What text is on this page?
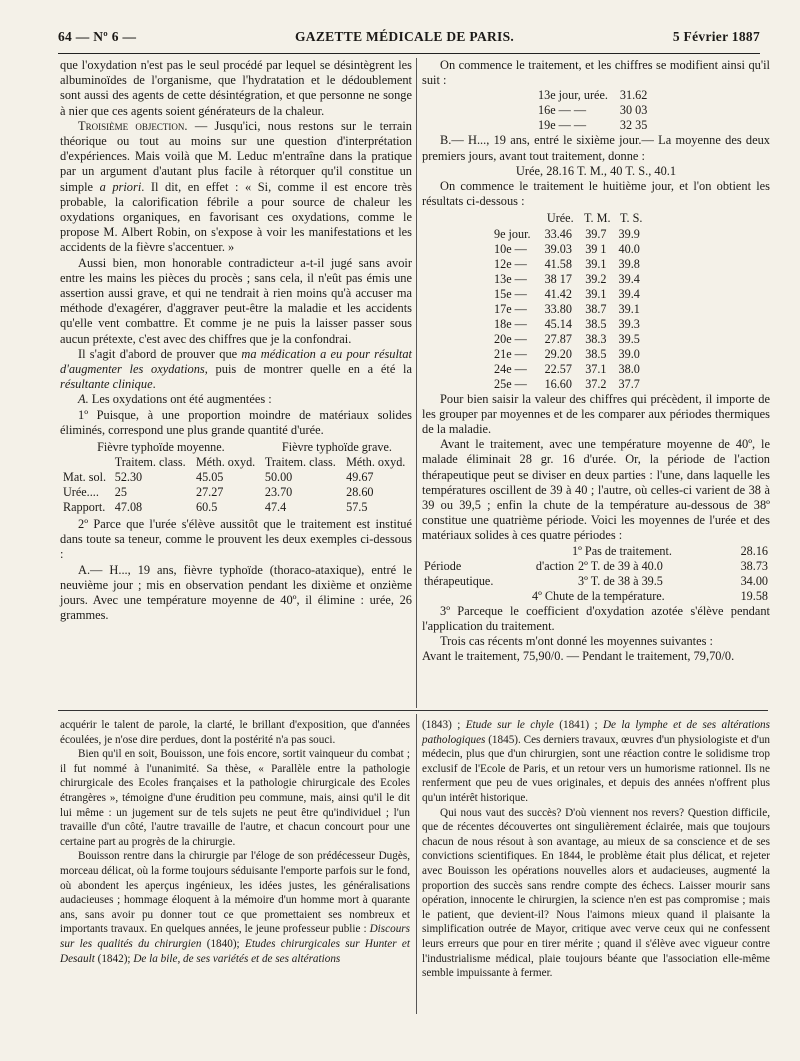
64 — Nº 6 —	GAZETTE MÉDICALE DE PARIS.	5 Février 1887

que l'oxydation n'est pas le seul procédé par lequel se désintègrent les albuminoïdes de l'organisme, que l'hydratation et le dédoublement sont aussi des agents de cette désintégration, et que personne ne songe à nier que ces agents soient générateurs de la chaleur.

Troisième objection. — Jusqu'ici, nous restons sur le terrain théorique ou tout au moins sur une question d'interprétation d'expériences. Mais voilà que M. Leduc m'entraîne dans la pratique par un argument d'autant plus facile à rétorquer qu'il constitue un simple a priori. Il dit, en effet : « Si, comme il est encore très probable, la calorification fébrile a pour source de chaleur les oxydations organiques, en favorisant ces oxydations, comme le propose M. Albert Robin, on s'expose à voir les manifestations et les accidents de la fièvre s'accentuer. »

Aussi bien, mon honorable contradicteur a-t-il jugé sans avoir entre les mains les pièces du procès ; sans cela, il n'eût pas émis une assertion aussi grave, et qui ne tendrait à rien moins qu'à accuser ma méthode d'exagérer, d'aggraver peut-être la maladie et les accidents qu'elle vent combattre. Et comme je ne puis la laisser passer sous aucun prétexte, c'est avec des chiffres que je la confondrai.

Il s'agit d'abord de prouver que ma médication a eu pour résultat d'augmenter les oxydations, puis de montrer quelle en a été la résultante clinique.

A. Les oxydations ont été augmentées :

1º Puisque, à une proportion moindre de matériaux solides éliminés, correspond une plus grande quantité d'urée.

Fièvre typhoïde moyenne.			Fièvre typhoïde grave.	
	Traitem. class.	Méth. oxyd.	Traitem. class.	Méth. oxyd.
Mat. sol.	52.30	45.05	50.00	49.67
Urée....	25	27.27	23.70	28.60
Rapport.	47.08	60.5	47.4	57.5

2º Parce que l'urée s'élève aussitôt que le traitement est institué dans toute sa teneur, comme le prouvent les deux exemples ci-dessous :

A.— H..., 19 ans, fièvre typhoïde (thoraco-ataxique), entré le neuvième jour ; mis en observation pendant les dixième et onzième jours. Avec une température moyenne de 40º, il élimine : urée, 26 grammes.

On commence le traitement, et les chiffres se modifient ainsi qu'il suit :

13e jour, urée.	31.62
16e — —	30 03
19e — —	32 35

B.— H..., 19 ans, entré le sixième jour.— La moyenne des deux premiers jours, avant tout traitement, donne :

Urée, 28.16 T. M., 40 T. S., 40.1

On commence le traitement le huitième jour, et l'on obtient les résultats ci-dessous :

	Urée.	T. M.	T. S.
9e jour.	33.46	39.7	39.9
10e —	39.03	39 1	40.0
12e —	41.58	39.1	39.8
13e —	38 17	39.2	39.4
15e —	41.42	39.1	39.4
17e —	33.80	38.7	39.1
18e —	45.14	38.5	39.3
20e —	27.87	38.3	39.5
21e —	29.20	38.5	39.0
24e —	22.57	37.1	38.0
25e —	16.60	37.2	37.7

Pour bien saisir la valeur des chiffres qui précèdent, il importe de les grouper par moyennes et de les comparer aux périodes thermiques de la maladie.

Avant le traitement, avec une température moyenne de 40º, le malade éliminait 28 gr. 16 d'urée. Or, la période de l'action thérapeutique peut se diviser en deux parties : l'une, dans laquelle les températures oscillent de 39 à 40 ; l'autre, où celles-ci varient de 38 à 39 ou 39,5 ; enfin la chute de la température au-dessous de 38º constitue une quatrième période. Voici les moyennes de l'urée et des matériaux solides à ces quatre périodes :

1º Pas de traitement.		28.16
Période d'action thérapeutique.	2º T. de 39 à 40.0	38.73
	3º T. de 38 à 39.5	34.00
4º Chute de la température.		19.58

3º Parceque le coefficient d'oxydation azotée s'élève pendant l'application du traitement.

Trois cas récents m'ont donné les moyennes suivantes :

Avant le traitement, 75,90/0. — Pendant le traitement, 79,70/0.

acquérir le talent de parole, la clarté, le brillant d'exposition, que d'années écoulées, je n'ose dire perdues, dont la postérité n'a pas souci.

Bien qu'il en soit, Bouisson, une fois encore, sortit vainqueur du combat ; il fut nommé à l'unanimité. Sa thèse, « Parallèle entre la pathologie chirurgicale des Ecoles françaises et la pathologie chirurgicale des Ecoles étrangères », témoigne d'une érudition peu commune, mais, ainsi qu'il le dit lui même : un jugement sur de tels sujets ne peut être qu'individuel ; l'un travaille d'un côté, l'autre travaille de l'autre, et chacun concourt pour une certaine part au progrès de la chirurgie.

Bouisson rentre dans la chirurgie par l'éloge de son prédécesseur Dugès, morceau délicat, où la forme toujours séduisante l'emporte parfois sur le fond, où abondent les aperçus ingénieux, les idées justes, les généralisations audacieuses ; hommage éloquent à la mémoire d'un homme mort à quarante ans, sans avoir pu donner tout ce que promettaient ses nombreux et importants travaux. En quelques années, le jeune professeur publie : Discours sur les qualités du chirurgien (1840); Etudes chirurgicales sur Hunter et Desault (1842); De la bile, de ses variétés et de ses altérations

(1843) ; Etude sur le chyle (1841) ; De la lymphe et de ses altérations pathologiques (1845). Ces derniers travaux, œuvres d'un physiologiste et d'un médecin, plus que d'un chirurgien, sont une réaction contre le solidisme trop exclusif de l'Ecole de Paris, et un retour vers un humorisme rationnel. Ils ne renferment que peu de vues originales, et depuis des années n'offrent plus qu'un intérêt historique.

Qui nous vaut des succès? D'où viennent nos revers? Question difficile, que de récentes découvertes ont singulièrement éclairée, mais que toujours chacun de nous résout à son avantage, au mieux de sa conscience et de ses convictions scientifiques. En 1844, le problème était plus délicat, et rejeter avec Bouisson les opérations nouvelles alors et audacieuses, augmenté la proportion des succès sans rendre compte des échecs. Laisser mourir sans opération, innocente le chirurgien, la science n'en est pas compromise ; mais le patient, que devient-il? Nous l'aimons mieux quand il plaisante la simplification outrée de Mayor, critique avec verve ceux qui ne confessent leurs erreurs que pour en tirer mérite ; quand il s'élève avec vigueur contre l'industrialisme médical, plaie toujours béante que l'association elle-même semble impuissante à fermer.
